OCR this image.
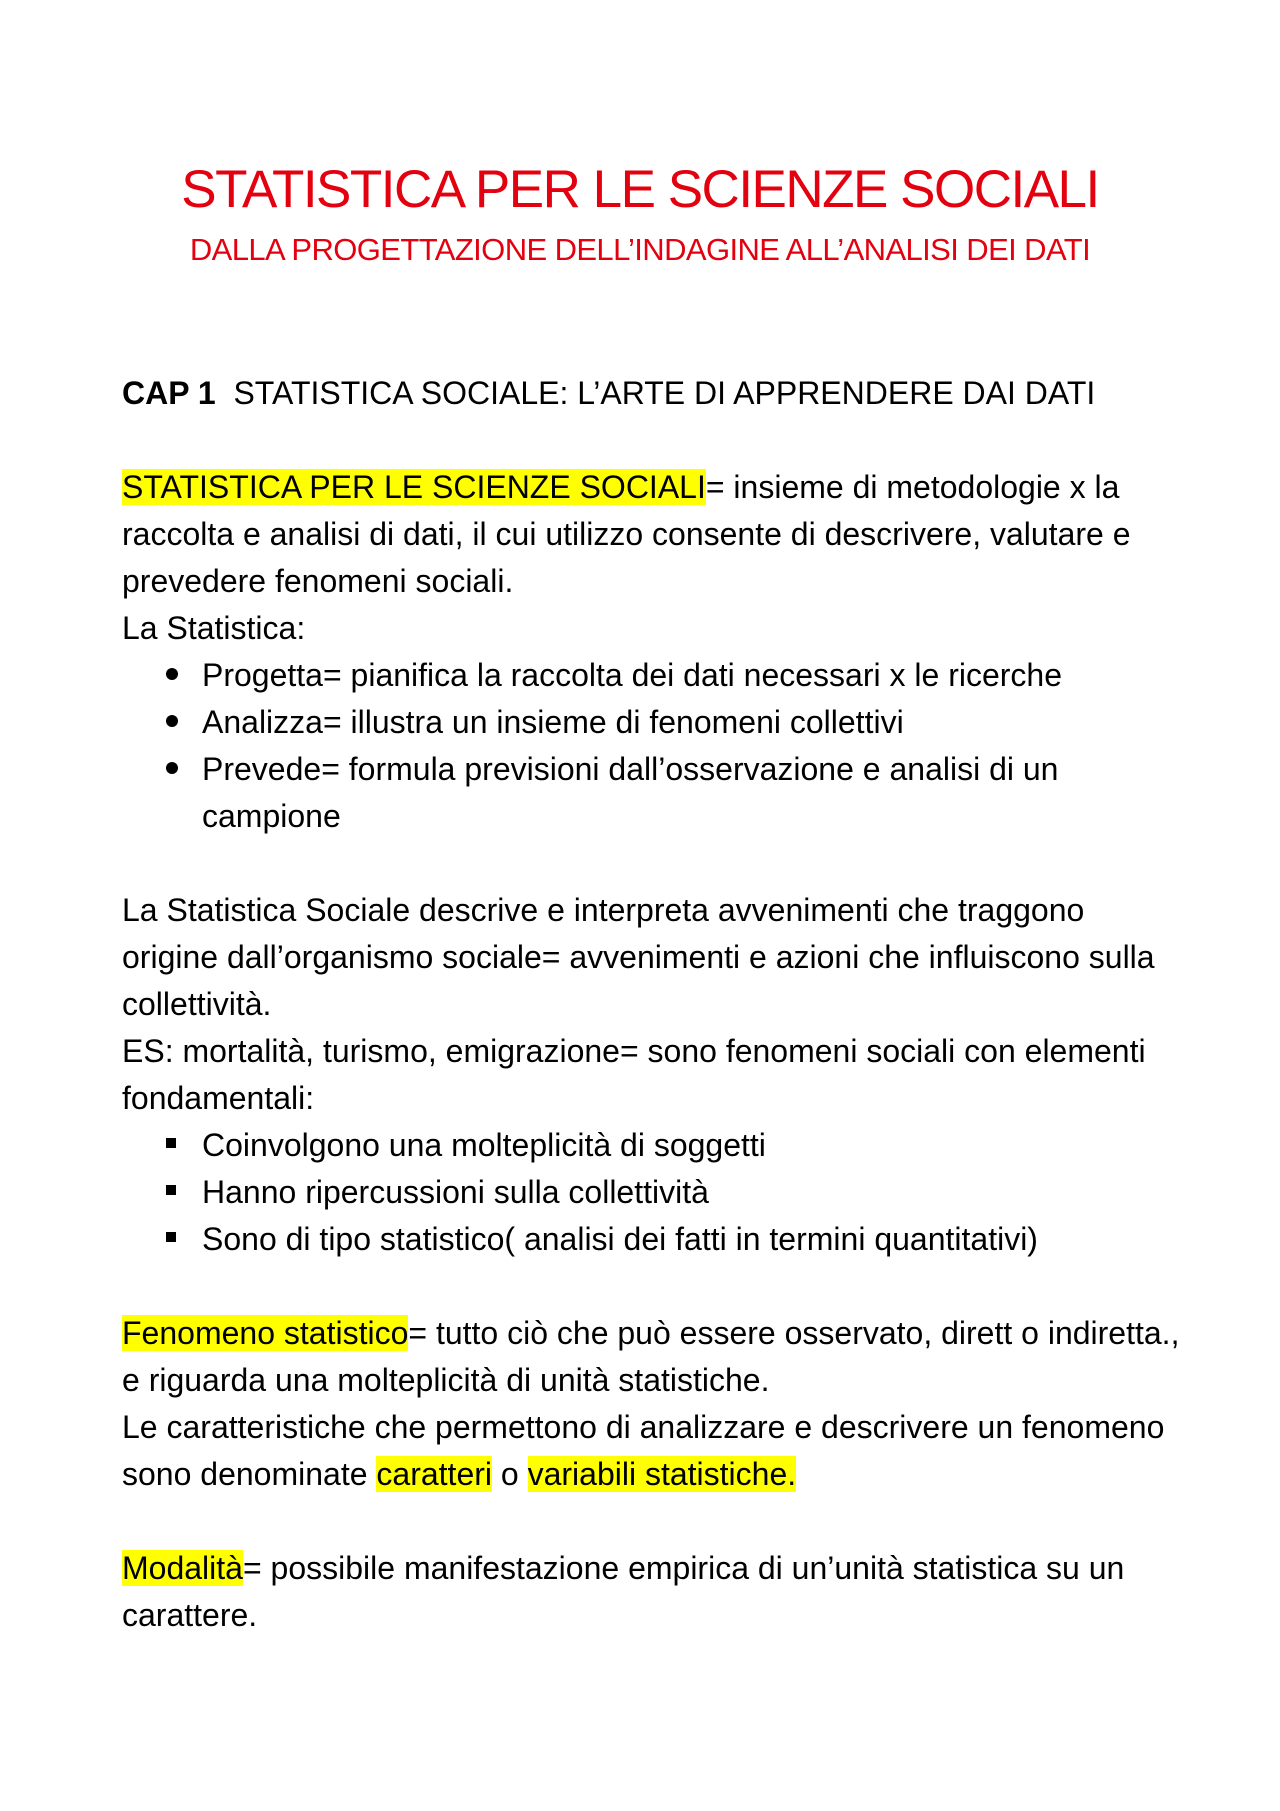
STATISTICA PER LE SCIENZE SOCIALI
DALLA PROGETTAZIONE DELL’INDAGINE ALL’ANALISI DEI DATI
CAP 1 STATISTICA SOCIALE: L’ARTE DI APPRENDERE DAI DATI

STATISTICA PER LE SCIENZE SOCIALI= insieme di metodologie x la raccolta e analisi di dati, il cui utilizzo consente di descrivere, valutare e prevedere fenomeni sociali.

La Statistica:

Progetta= pianifica la raccolta dei dati necessari x le ricerche
Analizza= illustra un insieme di fenomeni collettivi
Prevede= formula previsioni dall’osservazione e analisi di un campione

La Statistica Sociale descrive e interpreta avvenimenti che traggono origine dall’organismo sociale= avvenimenti e azioni che influiscono sulla collettività.

ES: mortalità, turismo, emigrazione= sono fenomeni sociali con elementi fondamentali:

Coinvolgono una molteplicità di soggetti
Hanno ripercussioni sulla collettività
Sono di tipo statistico( analisi dei fatti in termini quantitativi)

Fenomeno statistico= tutto ciò che può essere osservato, dirett o indiretta., e riguarda una molteplicità di unità statistiche.

Le caratteristiche che permettono di analizzare e descrivere un fenomeno sono denominate caratteri o variabili statistiche.

Modalità= possibile manifestazione empirica di un’unità statistica su un carattere.
